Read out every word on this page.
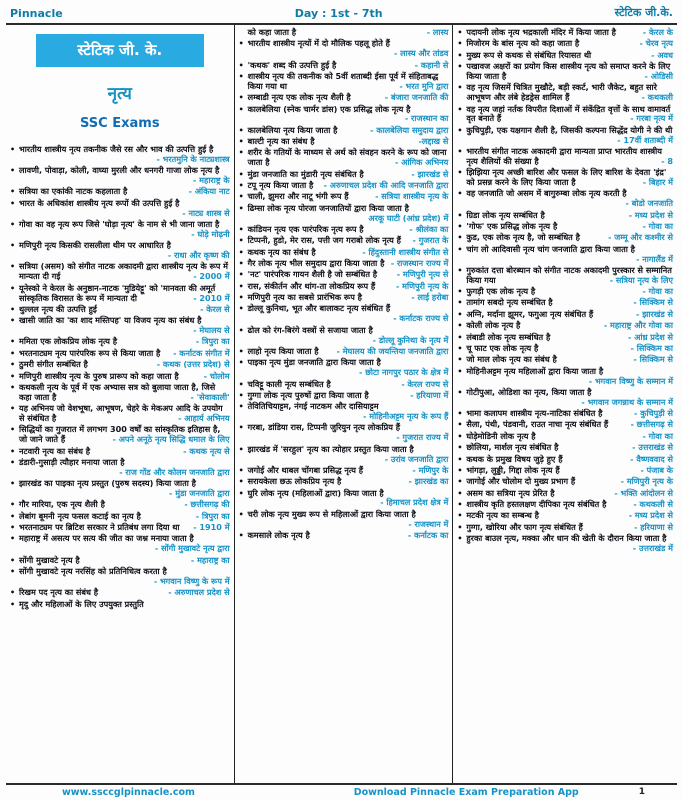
Pinnacle	Day : 1st - 7th	स्टेटिक जी.के.
स्टेटिक जी. के.
नृत्य
SSC Exams
• भारतीय शास्त्रीय नृत्य तकनीक जैसे रस और भाव की उत्पत्ति हुई है
- भरतमुनि के नाट्यशास्त्र
• लावणी, पोवाड़ा, कोली, वाघ्या मुरली और धनगरी गाजा लोक नृत्य है
- महाराष्ट्र के
• सत्रिया का एकांकी नाटक कहलाता है	- अंकिया नाट
• भारत के अधिकांश शास्त्रीय नृत्य रूपों की उत्पत्ति हुई है
- नाट्य शास्त्र से
• गोवा का वह नृत्य रूप जिसे 'घोड़ा नृत्य' के नाम से भी जाना जाता है
- घोड़े मोढ़नी
• मणिपुरी नृत्य किसकी रासलीला थीम पर आधारित है
- राधा और कृष्ण की
• सत्रिया (असम) को संगीत नाटक अकादमी द्वारा शास्त्रीय नृत्य के रूप में मान्यता दी गई	- 2000 में
• यूनेस्को ने केरल के अनुष्ठान-नाटक 'मुडियेट्टू' को 'मानवता की अमूर्त सांस्कृतिक विरासत के रूप में मान्यता दी	- 2010 में
• थुल्लल नृत्य की उत्पत्ति हुई	- केरल से
• खासी जाति का 'का शाद मस्तिपह' या विजय नृत्य का संबंध है
- मेघालय से
• ममिता एक लोकप्रिय लोक नृत्य है	- त्रिपुरा का
• भरतनाट्यम नृत्य पारंपरिक रूप से किया जाता है	- कर्नाटक संगीत में
• ठुमरी संगीत सम्बंधित है	- कथक (उत्तर प्रदेश) से
• मणिपुरी शास्त्रीय नृत्य के पुरुष प्रारूप को कहा जाता है	- चोलोम
• कथकली नृत्य के पूर्व में एक अभ्यास सत्र को बुलाया जाता है, जिसे कहा जाता है	- 'सेवाकाली'
• यह अभिनय जो वेशभूषा, आभूषण, चेहरे के मेकअप आदि के उपयोग से संबंधित है	- आहार्य अभिनय
• सिद्धियों का गुजरात में लगभग 300 वर्षों का सांस्कृतिक इतिहास है, जो जाने जाते हैं	- अपने अनूठे नृत्य सिद्धि धमाल के लिए
• नटवारी नृत्य का संबंध है	- कथक नृत्य से
• डंडारी-गुसाड़ी त्यौहार मनाया जाता है
- राज गोंड और कोलम जनजाति द्वारा
• झारखंड का पाइका नृत्य प्रस्तुत (पुरुष सदस्य) किया जाता है
- मुंडा जनजाति द्वारा
• गौर मारिया, एक नृत्य शैली है	- छत्तीसगढ़ की
• लेबांग बूमनी नृत्य फसल कटाई का नृत्य है	- त्रिपुरा का
• भरतनाट्यम पर ब्रिटिश सरकार ने प्रतिबंध लगा दिया था	- 1910 में
• महाराष्ट्र में असत्य पर सत्य की जीत का जश्न मनाया जाता है
- सोंगी मुखावटे नृत्य द्वारा
• सोंगी मुखावटे नृत्य है	- महाराष्ट्र का
• सोंगी मुखावटे नृत्य नरसिंह को प्रतिनिधित्व करता है
- भगवान विष्णु के रूप में
• रिखम पद नृत्य का संबंध है	- अरुणाचल प्रदेश से
• मृदु और महिलाओं के लिए उपयुक्त प्रस्तुति
को कहा जाता है	- लास्य
• भारतीय शास्त्रीय नृत्यों में दो मौलिक पहलू होते हैं
- लास्य और तांडव
• 'कथक' शब्द की उत्पत्ति हुई है	- कहानी से
• शास्त्रीय नृत्य की तकनीक को 5वीं शताब्दी ईसा पूर्व में संहिताबद्ध किया गया था	- भरत मुनि द्वारा
• लम्बाडी नृत्य एक लोक नृत्य शैली है	- बंजारा जनजाति की
• कालबेलिया (स्नेक चार्मर डांस) एक प्रसिद्ध लोक नृत्य है
- राजस्थान का
• कालबेलिया नृत्य किया जाता है	- कालबेलिया समुदाय द्वारा
• बाल्टी नृत्य का संबंध है	-लद्दाख से
• शरीर के गतियों के माध्यम से अर्थ को संवहन करने के रूप को जाना जाता है	- आंगिक अभिनय
• मुंडा जनजाति का मुंडारी नृत्य संबंधित है	- झारखंड से
• टपू नृत्य किया जाता है	- अरुणाचल प्रदेश की आदि जनजाति द्वारा
• चाली, झुमरा और नाटू भंगी रूप हैं	- सत्रिया शास्त्रीय नृत्य के
• ढिम्सा लोक नृत्य पोरजा जनजातियों द्वारा किया जाता है
अरकू घाटी (आंध्र प्रदेश) में
• कांडियन नृत्य एक पारंपरिक नृत्य रूप है	- श्रीलंका का
• टिप्पनी, हुडो, मेर रास, पत्ती जग गराबो लोक नृत्य हैं	- गुजरात के
• कथक नृत्य का संबंध है	- हिंदुस्तानी शास्त्रीय संगीत से
• गैर लोक नृत्य भील समुदाय द्वारा किया जाता है - राजस्थान राज्य में
• 'नट' पारंपरिक गायन शैली है जो सम्बंधित है	- मणिपुरी नृत्य से
• रास, संकीर्तन और थांग-ता लोकप्रिय रूप हैं	- मणिपुरी नृत्य के
• मणिपुरी नृत्य का सबसे प्रारंभिक रूप है	- लाई हरोबा
• डोल्लू कुनिथा, भूत और बालाकट नृत्य संबंधित हैं
- कर्नाटक राज्य से
• ढोल को रंग-बिरंगे वस्त्रों से सजाया जाता है
- डोल्लू कुनिथा के नृत्य में
• लाहो नृत्य किया जाता है	- मेघालय की जयन्तिया जनजाति द्वारा
• पाइका नृत्य मुंडा जनजाति द्वारा किया जाता है
- छोटा नागपुर पठार के क्षेत्र में
• चविट्टू काली नृत्य सम्बंधित है	- केरल राज्य से
• गुग्गा लोक नृत्य पुरुषों द्वारा किया जाता है	- हरियाणा में
• तेवितिचियाट्टम, नंगई नाटकम और दासियाट्टम
- मोहिनीअट्टम नृत्य के रूप हैं
• गरबा, डांडिया रास, टिप्पनी जुरियुन नृत्य लोकप्रिय हैं
- गुजरात राज्य में
• झारखंड में 'सरहुल' नृत्य का त्योहार प्रस्तुत किया जाता है
- उरांव जनजाति द्वारा
• जगोई और थाबल चोंगबा प्रसिद्ध नृत्य हैं	- मणिपुर के
• सरायकेला छऊ लोकप्रिय नृत्य है	- झारखंड का
• घुरि लोक नृत्य (महिलाओं द्वारा) किया जाता है
- हिमाचल प्रदेश क्षेत्र में
• चरी लोक नृत्य मुख्य रूप से महिलाओं द्वारा किया जाता है
- राजस्थान में
• कमसाले लोक नृत्य है	- कर्नाटक का
• पदायनी लोक नृत्य भद्रकाली मंदिर में किया जाता है	- केरल के
• मिजोरम के बांस नृत्य को कहा जाता है	- चेरव नृत्य
• मुख्य रूप से कथक से संबंधित रियासत थी	- अवध
• पखावज अक्षरों का प्रयोग किस शास्त्रीय नृत्य को समाप्त करने के लिए किया जाता है	- ओडिसी
• वह नृत्य जिसमें चित्रित मुखौटे, बड़ी स्कर्ट, भारी जैकेट, बहुत सारे आभूषण और लंबे हेडड्रेस शामिल हैं	- कथकली
• वह नृत्य जहां नर्तक विपरीत दिशाओं में संकेंद्रित वृत्तों के साथ वामावर्त वृत बनाते हैं	- गरबा नृत्य में
• कुचिपुड़ी, एक यक्षगान शैली है, जिसकी कल्पना सिद्धेंद्र योगी ने की थी
- 17वीं शताब्दी में
• भारतीय संगीत नाटक अकादमी द्वारा मान्यता प्राप्त भारतीय शास्त्रीय नृत्य शैलियों की संख्या है	- 8
• झिझिया नृत्य अच्छी बारिश और फसल के लिए बारिश के देवता 'इंद्र' को प्रसन्न करने के लिए किया जाता है	- बिहार में
• वह जनजाति जो असम में बागुरुम्बा लोक नृत्य करती है
- बोडो जनजाति
• ग्रिडा लोक नृत्य सम्बंधित है	- मध्य प्रदेश से
• 'गोफ' एक प्रसिद्ध लोक नृत्य है	- गोवा का
• कुड, एक लोक नृत्य है, जो सम्बंधित है	- जम्मू और कश्मीर से
• चांग लो आदिवासी नृत्य चांग जनजाति द्वारा किया जाता है
- नागालैंड में
• गुरुकांत दत्ता बोरब्यान को संगीत नाटक अकादमी पुरस्कार से सम्मानित किया गया	- सत्रिया नृत्य के लिए
• फुगड़ी एक लोक नृत्य है	- गोवा का
• तामांग सबदो नृत्य सम्बंधित है	- सिक्किम से
• अग्नि, मर्दाना झूमर, फगुआ नृत्य संबंधित हैं	- झारखंड से
• कोली लोक नृत्य है	- महाराष्ट्र और गोवा का
• लंबाडी लोक नृत्य सम्बंधित है	- आंध्र प्रदेश से
• चू फाट एक लोक नृत्य है	- सिक्किम का
• जो माल लोक नृत्य का संबंध है	- सिक्किम से
• मोहिनीअट्टम नृत्य महिलाओं द्वारा किया जाता है
- भगवान विष्णु के सम्मान में
• गोटीपुआ, ओडिशा का नृत्य, किया जाता है
- भगवान जगन्नाथ के सम्मान में
• भामा कलापम शास्त्रीय नृत्य-नाटिका संबंधित है	- कुचिपुड़ी से
• सैला, पंथी, पंडवानी, राउत नाचा नृत्य संबंधित हैं	- छत्तीसगढ़ से
• घोड़ेमोडिनी लोक नृत्य है	- गोवा का
• छोलिया, मार्शल नृत्य संबंधित है	- उत्तराखंड से
• कथक के प्रमुख विषय जुड़े हुए हैं	- वैष्णववाद से
• भांगड़ा, लुड्डी, गिद्दा लोक नृत्य हैं	- पंजाब के
• जागोई और चोलोम दो मुख्य प्रभाग हैं	- मणिपुरी नृत्य के
• असम का सत्रिया नृत्य प्रेरित है	- भक्ति आंदोलन से
• शास्त्रीय कृति हस्तलक्षण दीपिका नृत्य संबंधित है	- कथकली से
• मटकी नृत्य का सम्बन्ध है	- मध्य प्रदेश से
• गुग्गा, खोरिया और फाग नृत्य संबंधित हैं	- हरियाणा से
• हुरका बाउल नृत्य, मक्का और धान की खेती के दौरान किया जाता है
- उत्तराखंड में
www.ssccglpinnacle.com	Download Pinnacle Exam Preparation App	1
